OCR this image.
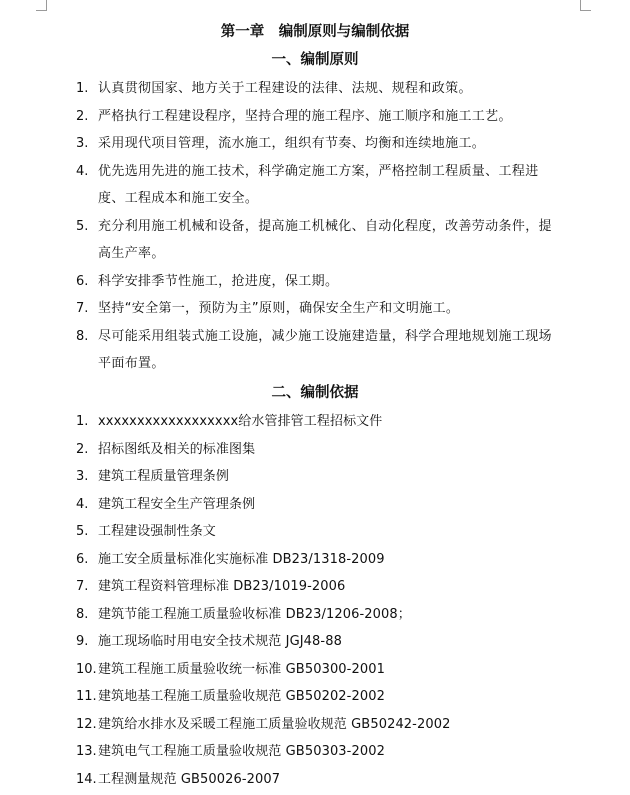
第一章　编制原则与编制依据
一、编制原则
1. 认真贯彻国家、地方关于工程建设的法律、法规、规程和政策。
2. 严格执行工程建设程序，坚持合理的施工程序、施工顺序和施工工艺。
3. 采用现代项目管理，流水施工，组织有节奏、均衡和连续地施工。
4. 优先选用先进的施工技术，科学确定施工方案，严格控制工程质量、工程进度、工程成本和施工安全。
5. 充分利用施工机械和设备，提高施工机械化、自动化程度，改善劳动条件，提高生产率。
6. 科学安排季节性施工，抢进度，保工期。
7. 坚持“安全第一，预防为主”原则，确保安全生产和文明施工。
8. 尽可能采用组装式施工设施，减少施工设施建造量，科学合理地规划施工现场平面布置。
二、编制依据
1. xxxxxxxxxxxxxxxxxx给水管排管工程招标文件
2. 招标图纸及相关的标准图集
3. 建筑工程质量管理条例
4. 建筑工程安全生产管理条例
5. 工程建设强制性条文
6. 施工安全质量标准化实施标准 DB23/1318-2009
7. 建筑工程资料管理标准 DB23/1019-2006
8. 建筑节能工程施工质量验收标准 DB23/1206-2008；
9. 施工现场临时用电安全技术规范 JGJ48-88
10. 建筑工程施工质量验收统一标准 GB50300-2001
11. 建筑地基工程施工质量验收规范 GB50202-2002
12. 建筑给水排水及采暖工程施工质量验收规范 GB50242-2002
13. 建筑电气工程施工质量验收规范 GB50303-2002
14. 工程测量规范 GB50026-2007
